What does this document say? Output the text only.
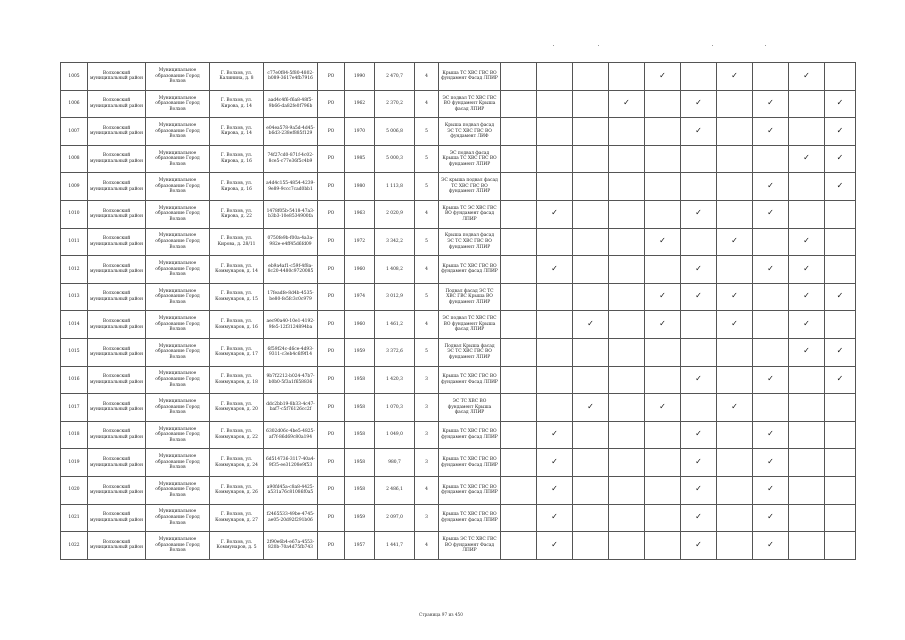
1005	Волховский муниципальный район	Муниципальное образование Город Волхов	Г. Волхов, ул. Калинина, д. 8	c77e0f84-5f80-4802-b089-3617e4fb7916	РО	1990	2 470,7	4	Крыша ТС ХВС ГВС ВО фундамент Фасад ЛПИР					✓		✓		✓	
1006	Волховский муниципальный район	Муниципальное образование Город Волхов	Г. Волхов, ул. Кирова, д. 14	aad4c4f6-f6a8-48f5-9b66-da82fe0f796b	РО	1962	2 370,2	4	ЭС подвал ТС ХВС ГВС ВО фундамент Крыша фасад ЛПИР				✓		✓		✓		✓
1007	Волховский муниципальный район	Муниципальное образование Город Волхов	Г. Волхов, ул. Кирова, д. 14	e04ea578-9a5d-4d45-b6d3-238ef885f129	РО	1970	5 006,8	5	Крыша подвал фасад ЭС ТС ХВС ГВС ВО фундамент ЛИФ						✓		✓		✓
1008	Волховский муниципальный район	Муниципальное образование Город Волхов	Г. Волхов, ул. Кирова, д. 16	74f27cd0-871f-4c02-8ce5-c77e36f5c4b9	РО	1985	5 000,3	5	ЭС подвал фасад Крыша ТС ХВС ГВС ВО фундамент ЛПИР									✓	✓
1009	Волховский муниципальный район	Муниципальное образование Город Волхов	Г. Волхов, ул. Кирова, д. 16	a4d4c155-4854-4239-9e89-9ccc7cad0bb1	РО	1980	1 113,8	5	ЭС крыша подвал фасад ТС ХВС ГВС ВО фундамент ЛПИР								✓		✓
1010	Волховский муниципальный район	Муниципальное образование Город Волхов	Г. Волхов, ул. Кирова, д. 22	1478f05b-5418-47a3-b3b3-10e8534900fa	РО	1963	2 020,9	4	Крыша ТС ЭС ХВС ГВС ВО фундамент фасад ЛПИР		✓				✓		✓		
1011	Волховский муниципальный район	Муниципальное образование Город Волхов	Г. Волхов, ул. Кирова, д. 28/11	0750fe9b-f00a-4a3a-982e-e4ff45d6fd09	РО	1972	3 342,2	5	Крыша подвал фасад ЭС ТС ХВС ГВС ВО фундамент ЛПИР					✓		✓		✓	
1012	Волховский муниципальный район	Муниципальное образование Город Волхов	Г. Волхов, ул. Коммунаров, д. 14	eb9a4af1-c59f-4f8a-8c20-4480c9720085	РО	1960	1 408,2	4	Крыша ТС ХВС ГВС ВО фундамент фасад ЛПИР		✓				✓		✓	✓	
1013	Волховский муниципальный район	Муниципальное образование Город Волхов	Г. Волхов, ул. Коммунаров, д. 15	17feadfe-8d4b-4535-be80-fe5fc3c0c979	РО	1974	3 012,9	5	Подвал фасад ЭС ТС ХВС ГВС Крыша ВО фундамент ЛПИР					✓	✓	✓		✓	✓
1014	Волховский муниципальный район	Муниципальное образование Город Волхов	Г. Волхов, ул. Коммунаров, д. 16	aec90a40-10e1-4192-9fe5-12f3124894ba	РО	1960	1 461,2	4	ЭС подвал ТС ХВС ГВС ВО фундамент Крыша фасад ЛПИР			✓		✓		✓		✓	
1015	Волховский муниципальный район	Муниципальное образование Город Волхов	Г. Волхов, ул. Коммунаров, д. 17	6f59f24c-d6ce-4d93-9311-c3eb4c6f9f14	РО	1959	3 372,6	5	Подвал Крыша фасад ЭС ТС ХВС ГВС ВО фундамент ЛПИР									✓	✓
1016	Волховский муниципальный район	Муниципальное образование Город Волхов	Г. Волхов, ул. Коммунаров, д. 18	9b7f2212-b024-47b7-b0b0-5f3a1f658836	РО	1958	1 420,3	3	Крыша ТС ХВС ГВС ВО фундамент Фасад ЛПИР						✓		✓		✓
1017	Волховский муниципальный район	Муниципальное образование Город Волхов	Г. Волхов, ул. Коммунаров, д. 20	ddc2bb19-8b33-4c47-baf7-c5f76126cc2f	РО	1958	1 070,3	3	ЭС ТС ХВС ВО фундамент Крыша фасад ЛПИР			✓		✓		✓			
1018	Волховский муниципальный район	Муниципальное образование Город Волхов	Г. Волхов, ул. Коммунаров, д. 22	6302d06c-4be5-4825-af7f-86d69c80a194	РО	1958	1 049,0	3	Крыша ТС ХВС ГВС ВО фундамент фасад ЛПИР		✓				✓		✓		
1019	Волховский муниципальный район	Муниципальное образование Город Волхов	Г. Волхов, ул. Коммунаров, д. 24	6d514736-3117-40a4-9f35-ee31208e9f53	РО	1958	980,7	3	Крыша ТС ХВС ГВС ВО фундамент Фасад ЛПИР		✓				✓		✓		
1020	Волховский муниципальный район	Муниципальное образование Город Волхов	Г. Волхов, ул. Коммунаров, д. 26	a90fd45a-c8a8-4425-a531a76c81086f0a5	РО	1958	2 486,1	4	Крыша ТС ХВС ГВС ВО фундамент фасад ЛПИР		✓				✓		✓		
1021	Волховский муниципальный район	Муниципальное образование Город Волхов	Г. Волхов, ул. Коммунаров, д. 27	f2465533-49be-4745-ae05-20d92f291b06	РО	1959	2 097,0	3	Крыша ТС ХВС ГВС ВО фундамент фасад ЛПИР		✓				✓		✓		
1022	Волховский муниципальный район	Муниципальное образование Город Волхов	Г. Волхов, ул. Коммунаров, д. 5	2f90e6b4-e67a-4553-820b-70a4d75fb743	РО	1957	1 441,7	4	Крыша ЭС ТС ХВС ГВС ВО фундамент Фасад ЛПИР		✓				✓		✓		
Страница 97 из 450
